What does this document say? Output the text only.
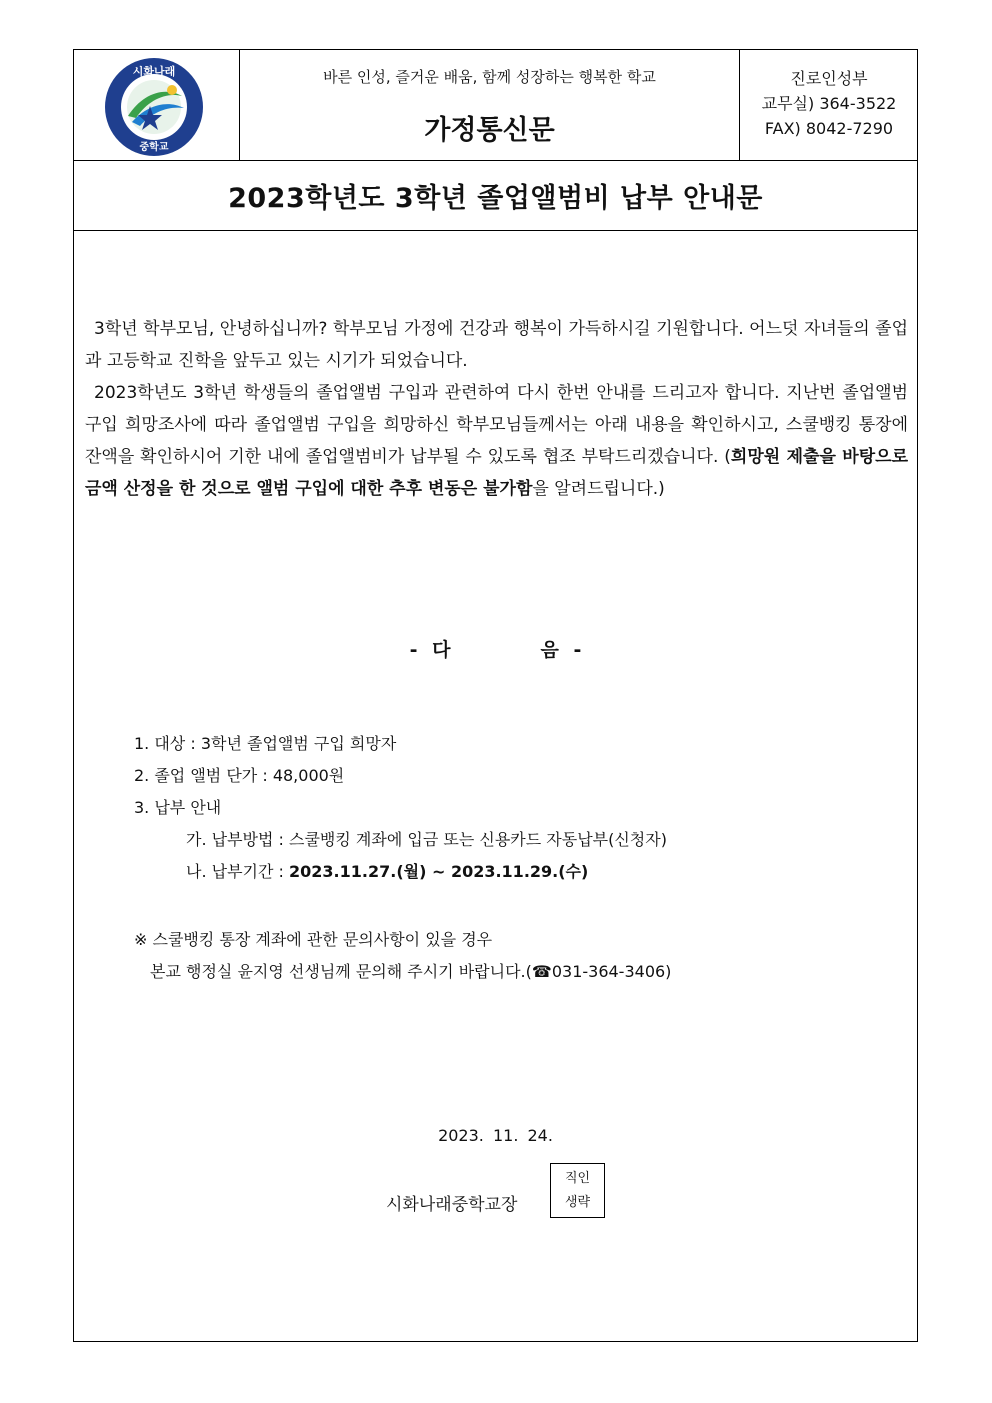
시화나래
중학교
바른 인성, 즐거운 배움, 함께 성장하는 행복한 학교
가정통신문
진로인성부
교무실) 364-3522
FAX) 8042-7290
2023학년도 3학년 졸업앨범비 납부 안내문

3학년 학부모님, 안녕하십니까? 학부모님 가정에 건강과 행복이 가득하시길 기원합니다. 어느덧 자녀들의 졸업과 고등학교 진학을 앞두고 있는 시기가 되었습니다.

2023학년도 3학년 학생들의 졸업앨범 구입과 관련하여 다시 한번 안내를 드리고자 합니다. 지난번 졸업앨범 구입 희망조사에 따라 졸업앨범 구입을 희망하신 학부모님들께서는 아래 내용을 확인하시고, 스쿨뱅킹 통장에 잔액을 확인하시어 기한 내에 졸업앨범비가 납부될 수 있도록 협조 부탁드리겠습니다. (희망원 제출을 바탕으로 금액 산정을 한 것으로 앨범 구입에 대한 추후 변동은 불가함을 알려드립니다.)

- 다	음 -
1. 대상 : 3학년 졸업앨범 구입 희망자
2. 졸업 앨범 단가 : 48,000원
3. 납부 안내
가. 납부방법 : 스쿨뱅킹 계좌에 입금 또는 신용카드 자동납부(신청자)
나. 납부기간 : 2023.11.27.(월) ~ 2023.11.29.(수)
※ 스쿨뱅킹 통장 계좌에 관한 문의사항이 있을 경우
본교 행정실 윤지영 선생님께 문의해 주시기 바랍니다.(☎031-364-3406)
2023. 11. 24.
시화나래중학교장
직인
생략
